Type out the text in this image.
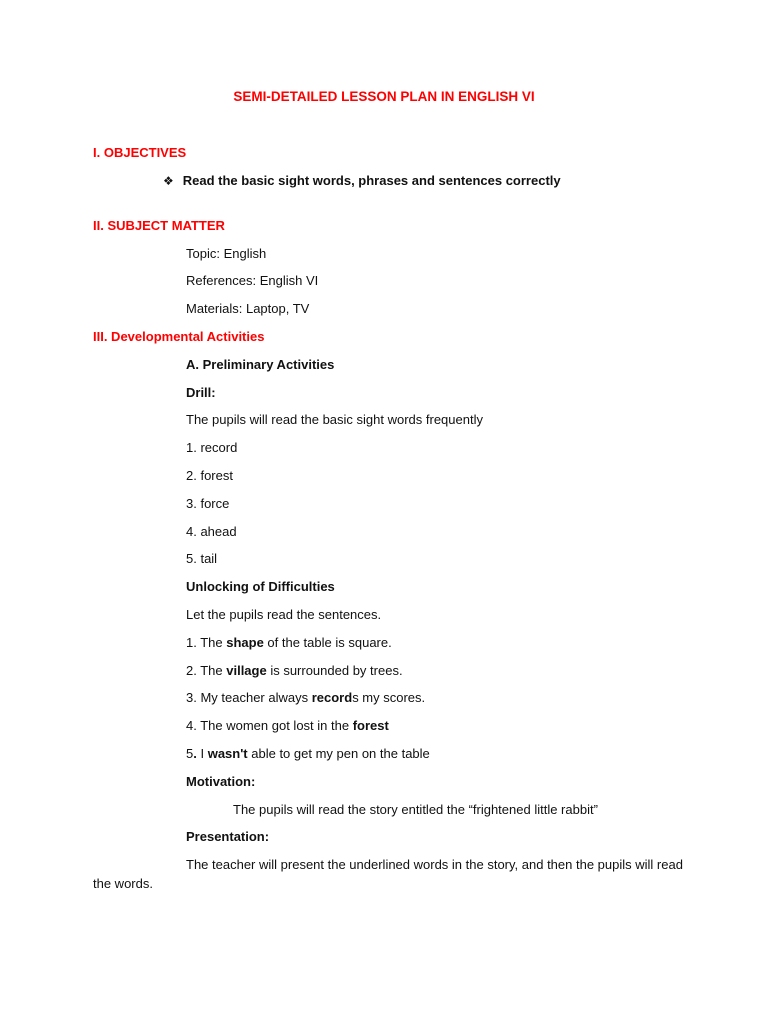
SEMI-DETAILED LESSON PLAN IN ENGLISH VI
I. OBJECTIVES
❖ Read the basic sight words, phrases and sentences correctly
II. SUBJECT MATTER
Topic: English
References: English VI
Materials: Laptop, TV
III. Developmental Activities
A. Preliminary Activities
Drill:
The pupils will read the basic sight words frequently
1. record
2. forest
3. force
4. ahead
5. tail
Unlocking of Difficulties
Let the pupils read the sentences.
1. The shape of the table is square.
2. The village is surrounded by trees.
3. My teacher always records my scores.
4. The women got lost in the forest
5. I wasn't able to get my pen on the table
Motivation:
The pupils will read the story entitled the “frightened little rabbit”
Presentation:
The teacher will present the underlined words in the story, and then the pupils will read
the words.
